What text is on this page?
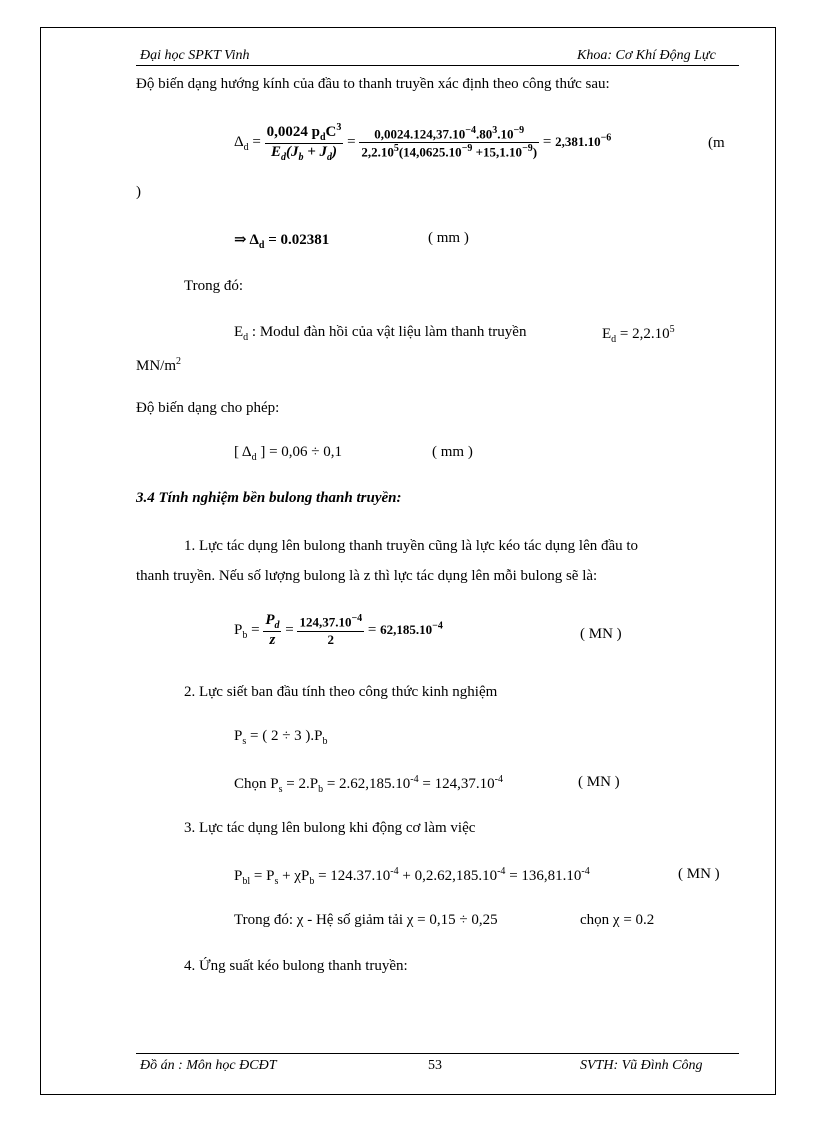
Đại học SPKT Vinh	Khoa: Cơ Khí Động Lực
Độ biến dạng hướng kính của đầu to thanh truyền xác định theo công thức sau:
$\Delta_d = \frac{0,0024 p_dC^3}{E_d(J_b + J_d)} = \frac{0,0024.124,37.10^{-4}.80^3.10^{-9}}{2,2.10^5(14,0625.10^{-9} +15,1.10^{-9})} = 2,381.10^{-6}$	(m
)
⇒ $\Delta_d = 0.02381$	( mm )
Trong đó:
$E_d$ : Modul đàn hồi của vật liệu làm thanh truyền	$E_d = 2,2.10^5$
$MN/m^2$
Độ biến dạng cho phép:
[ $\Delta_d$ ] = 0,06 ÷ 0,1	( mm )
3.4 Tính nghiệm bền bulong thanh truyền:
1. Lực tác dụng lên bulong thanh truyền cũng là lực kéo tác dụng lên đầu to
thanh truyền. Nếu số lượng bulong là z thì lực tác dụng lên mỗi bulong sẽ là:
$P_b = \frac{P_d}{z} = \frac{124,37.10^{-4}}{2} = 62,185.10^{-4}$	( MN )
2. Lực siết ban đầu tính theo công thức kinh nghiệm
$P_s$ = ( 2 ÷ 3 )$.P_b$
Chọn $P_s = 2.P_b = 2.62,185.10^{-4} = 124,37.10^{-4}$	( MN )
3. Lực tác dụng lên bulong khi động cơ làm việc
$P_{bl} = P_s + \chi P_b = 124.37.10^{-4} + 0,2.62,185.10^{-4} = 136,81.10^{-4}$	( MN )
Trong đó: χ - Hệ số giảm tải χ = 0,15 ÷ 0,25	chọn χ = 0.2
4. Ứng suất kéo bulong thanh truyền:
Đồ án : Môn học ĐCĐT	53	SVTH: Vũ Đình Công
